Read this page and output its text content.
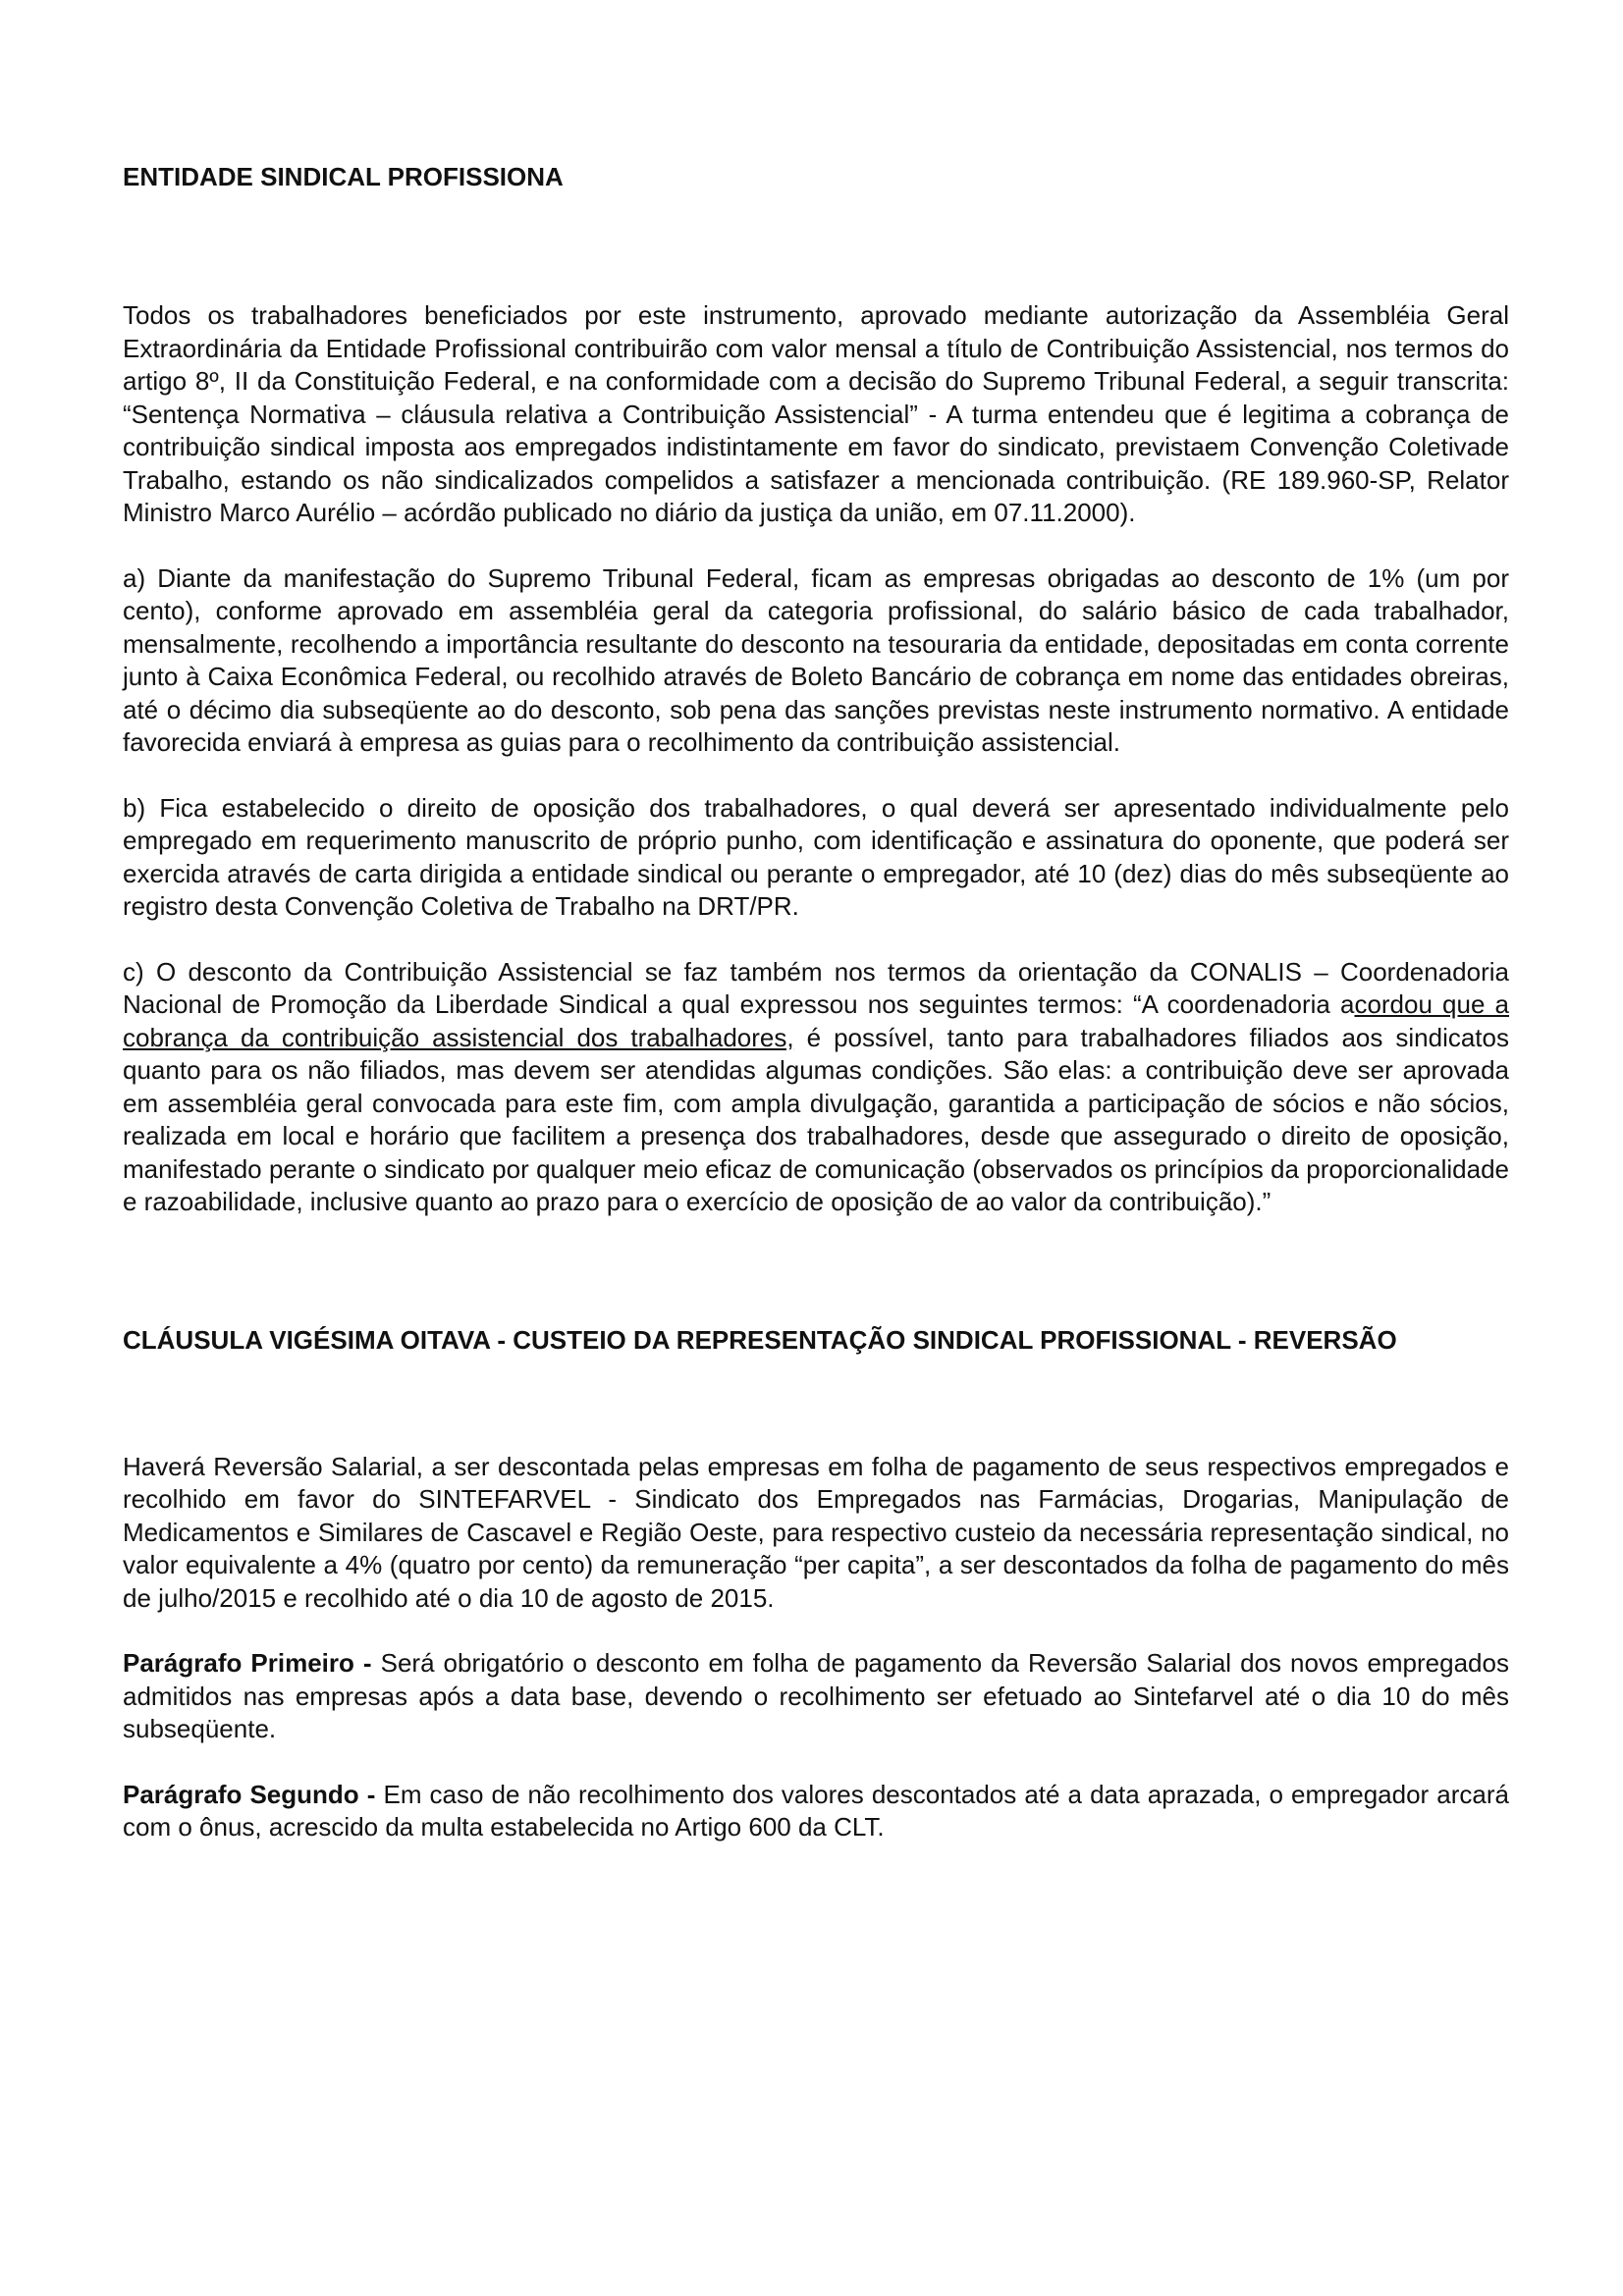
ENTIDADE SINDICAL PROFISSIONA

Todos os trabalhadores beneficiados por este instrumento, aprovado mediante autorização da Assembléia Geral Extraordinária da Entidade Profissional contribuirão com valor mensal a título de Contribuição Assistencial, nos termos do artigo 8º, II da Constituição Federal, e na conformidade com a decisão do Supremo Tribunal Federal, a seguir transcrita: “Sentença Normativa – cláusula relativa a Contribuição Assistencial” - A turma entendeu que é legitima a cobrança de contribuição sindical imposta aos empregados indistintamente em favor do sindicato, previstaem Convenção Coletivade Trabalho, estando os não sindicalizados compelidos a satisfazer a mencionada contribuição. (RE 189.960-SP, Relator Ministro Marco Aurélio – acórdão publicado no diário da justiça da união, em 07.11.2000).

a) Diante da manifestação do Supremo Tribunal Federal, ficam as empresas obrigadas ao desconto de 1% (um por cento), conforme aprovado em assembléia geral da categoria profissional, do salário básico de cada trabalhador, mensalmente, recolhendo a importância resultante do desconto na tesouraria da entidade, depositadas em conta corrente junto à Caixa Econômica Federal, ou recolhido através de Boleto Bancário de cobrança em nome das entidades obreiras, até o décimo dia subseqüente ao do desconto, sob pena das sanções previstas neste instrumento normativo. A entidade favorecida enviará à empresa as guias para o recolhimento da contribuição assistencial.

b) Fica estabelecido o direito de oposição dos trabalhadores, o qual deverá ser apresentado individualmente pelo empregado em requerimento manuscrito de próprio punho, com identificação e assinatura do oponente, que poderá ser exercida através de carta dirigida a entidade sindical ou perante o empregador, até 10 (dez) dias do mês subseqüente ao registro desta Convenção Coletiva de Trabalho na DRT/PR.

c) O desconto da Contribuição Assistencial se faz também nos termos da orientação da CONALIS – Coordenadoria Nacional de Promoção da Liberdade Sindical a qual expressou nos seguintes termos: “A coordenadoria acordou que a cobrança da contribuição assistencial dos trabalhadores, é possível, tanto para trabalhadores filiados aos sindicatos quanto para os não filiados, mas devem ser atendidas algumas condições. São elas: a contribuição deve ser aprovada em assembléia geral convocada para este fim, com ampla divulgação, garantida a participação de sócios e não sócios, realizada em local e horário que facilitem a presença dos trabalhadores, desde que assegurado o direito de oposição, manifestado perante o sindicato por qualquer meio eficaz de comunicação (observados os princípios da proporcionalidade e razoabilidade, inclusive quanto ao prazo para o exercício de oposição de ao valor da contribuição).”

CLÁUSULA VIGÉSIMA OITAVA - CUSTEIO DA REPRESENTAÇÃO SINDICAL PROFISSIONAL - REVERSÃO

Haverá Reversão Salarial, a ser descontada pelas empresas em folha de pagamento de seus respectivos empregados e recolhido em favor do SINTEFARVEL - Sindicato dos Empregados nas Farmácias, Drogarias, Manipulação de Medicamentos e Similares de Cascavel e Região Oeste, para respectivo custeio da necessária representação sindical, no valor equivalente a 4% (quatro por cento) da remuneração “per capita”, a ser descontados da folha de pagamento do mês de julho/2015 e recolhido até o dia 10 de agosto de 2015.

Parágrafo Primeiro - Será obrigatório o desconto em folha de pagamento da Reversão Salarial dos novos empregados admitidos nas empresas após a data base, devendo o recolhimento ser efetuado ao Sintefarvel até o dia 10 do mês subseqüente.

Parágrafo Segundo - Em caso de não recolhimento dos valores descontados até a data aprazada, o empregador arcará com o ônus, acrescido da multa estabelecida no Artigo 600 da CLT.
